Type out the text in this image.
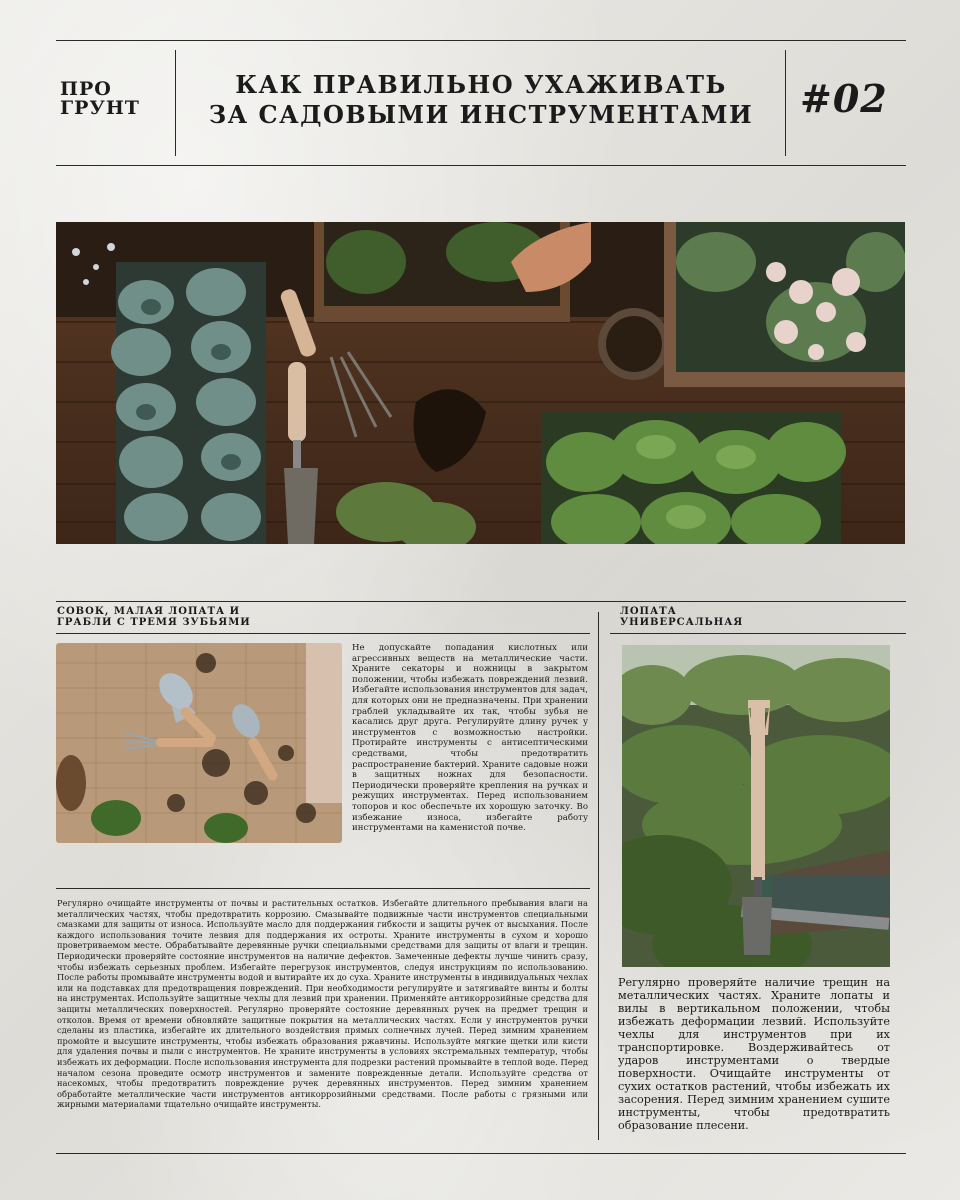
ПРО
ГРУНТ
КАК ПРАВИЛЬНО УХАЖИВАТЬ
ЗА САДОВЫМИ ИНСТРУМЕНТАМИ	#02
СОВОК, МАЛАЯ ЛОПАТА И
ГРАБЛИ С ТРЕМЯ ЗУБЬЯМИ
ЛОПАТА
УНИВЕРСАЛЬНАЯ

Не допускайте попадания кислотных или агрессивных веществ на металлические части. Храните секаторы и ножницы в закрытом положении, чтобы избежать повреждений лезвий. Избегайте использования инструментов для задач, для которых они не предназначены. При хранении граблей укладывайте их так, чтобы зубья не касались друг друга. Регулируйте длину ручек у инструментов с возможностью настройки. Протирайте инструменты с антисептическими средствами, чтобы предотвратить распространение бактерий. Храните садовые ножи в защитных ножнах для безопасности. Периодически проверяйте крепления на ручках и режущих инструментах. Перед использованием топоров и кос обеспечьте их хорошую заточку. Во избежание износа, избегайте работу инструментами на каменистой почве.

Регулярно проверяйте наличие трещин на металлических частях. Храните лопаты и вилы в вертикальном положении, чтобы избежать деформации лезвий. Используйте чехлы для инструментов при их транспортировке. Воздерживайтесь от ударов инструментами о твердые поверхности. Очищайте инструменты от сухих остатков растений, чтобы избежать их засорения. Перед зимним хранением сушите инструменты, чтобы предотвратить образование плесени.

Регулярно очищайте инструменты от почвы и растительных остатков. Избегайте длительного пребывания влаги на металлических частях, чтобы предотвратить коррозию. Смазывайте подвижные части инструментов специальными смазками для защиты от износа. Используйте масло для поддержания гибкости и защиты ручек от высыхания. После каждого использования точите лезвия для поддержания их остроты. Храните инструменты в сухом и хорошо проветриваемом месте. Обрабатывайте деревянные ручки специальными средствами для защиты от влаги и трещин. Периодически проверяйте состояние инструментов на наличие дефектов. Замеченные дефекты лучше чинить сразу, чтобы избежать серьезных проблем. Избегайте перегрузок инструментов, следуя инструкциям по использованию. После работы промывайте инструменты водой и вытирайте их до суха. Храните инструменты в индивидуальных чехлах или на подставках для предотвращения повреждений. При необходимости регулируйте и затягивайте винты и болты на инструментах. Используйте защитные чехлы для лезвий при хранении. Применяйте антикоррозийные средства для защиты металлических поверхностей. Регулярно проверяйте состояние деревянных ручек на предмет трещин и отколов. Время от времени обновляйте защитные покрытия на металлических частях. Если у инструментов ручки сделаны из пластика, избегайте их длительного воздействия прямых солнечных лучей. Перед зимним хранением промойте и высушите инструменты, чтобы избежать образования ржавчины. Используйте мягкие щетки или кисти для удаления почвы и пыли с инструментов. Не храните инструменты в условиях экстремальных температур, чтобы избежать их деформации. После использования инструмента для подрезки растений промывайте в теплой воде. Перед началом сезона проведите осмотр инструментов и замените поврежденные детали. Используйте средства от насекомых, чтобы предотвратить повреждение ручек деревянных инструментов. Перед зимним хранением обработайте металлические части инструментов антикоррозийными средствами. После работы с грязными или жирными материалами тщательно очищайте инструменты.
